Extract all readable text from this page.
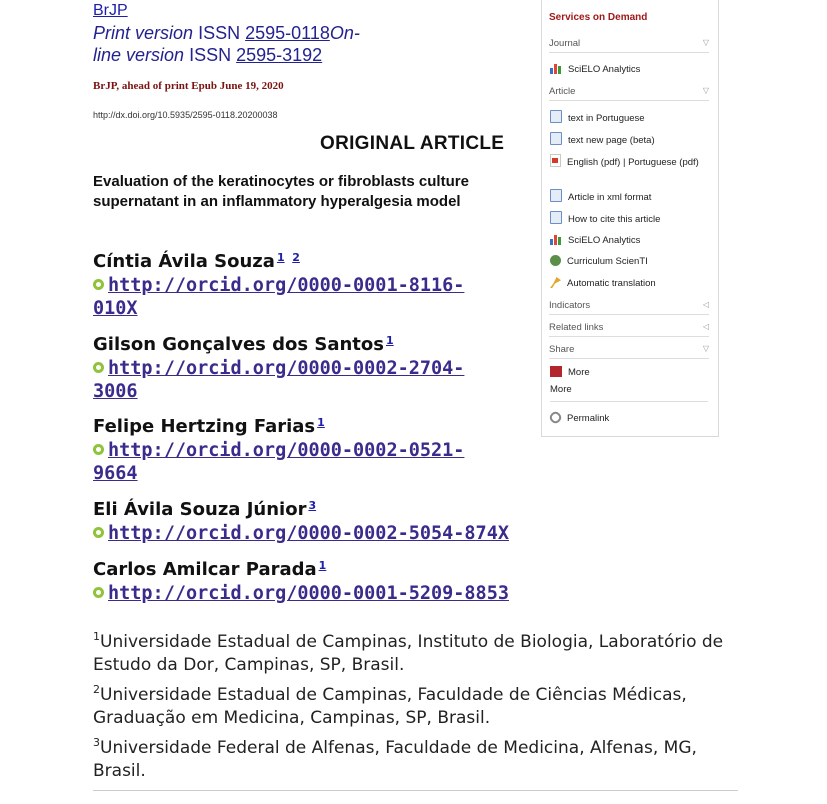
BrJP
Print version ISSN 2595-0118On-
line version ISSN 2595-3192
BrJP, ahead of print Epub June 19, 2020
http://dx.doi.org/10.5935/2595-0118.20200038
ORIGINAL ARTICLE
Evaluation of the keratinocytes or fibroblasts culture supernatant in an inflammatory hyperalgesia model
Cíntia Ávila Souza $^{1 2}$
http://orcid.org/0000-0001-8116-
010X
Gilson Gonçalves dos Santos $^1$
http://orcid.org/0000-0002-2704-
3006
Felipe Hertzing Farias $^1$
http://orcid.org/0000-0002-0521-
9664
Eli Ávila Souza Júnior $^3$
http://orcid.org/0000-0002-5054-874X
Carlos Amilcar Parada $^1$
http://orcid.org/0000-0001-5209-8853
$^1$Universidade Estadual de Campinas, Instituto de Biologia, Laboratório de Estudo da Dor, Campinas, SP, Brasil.
$^2$Universidade Estadual de Campinas, Faculdade de Ciências Médicas, Graduação em Medicina, Campinas, SP, Brasil.
$^3$Universidade Federal de Alfenas, Faculdade de Medicina, Alfenas, MG, Brasil.
Services on Demand
Journal	▽
SciELO Analytics
Article	▽
text in Portuguese
text new page (beta)
English (pdf) | Portuguese (pdf)
Article in xml format
How to cite this article
SciELO Analytics
Curriculum ScienTI
Automatic translation
Indicators	◁
Related links	◁
Share	▽
More
More
Permalink
